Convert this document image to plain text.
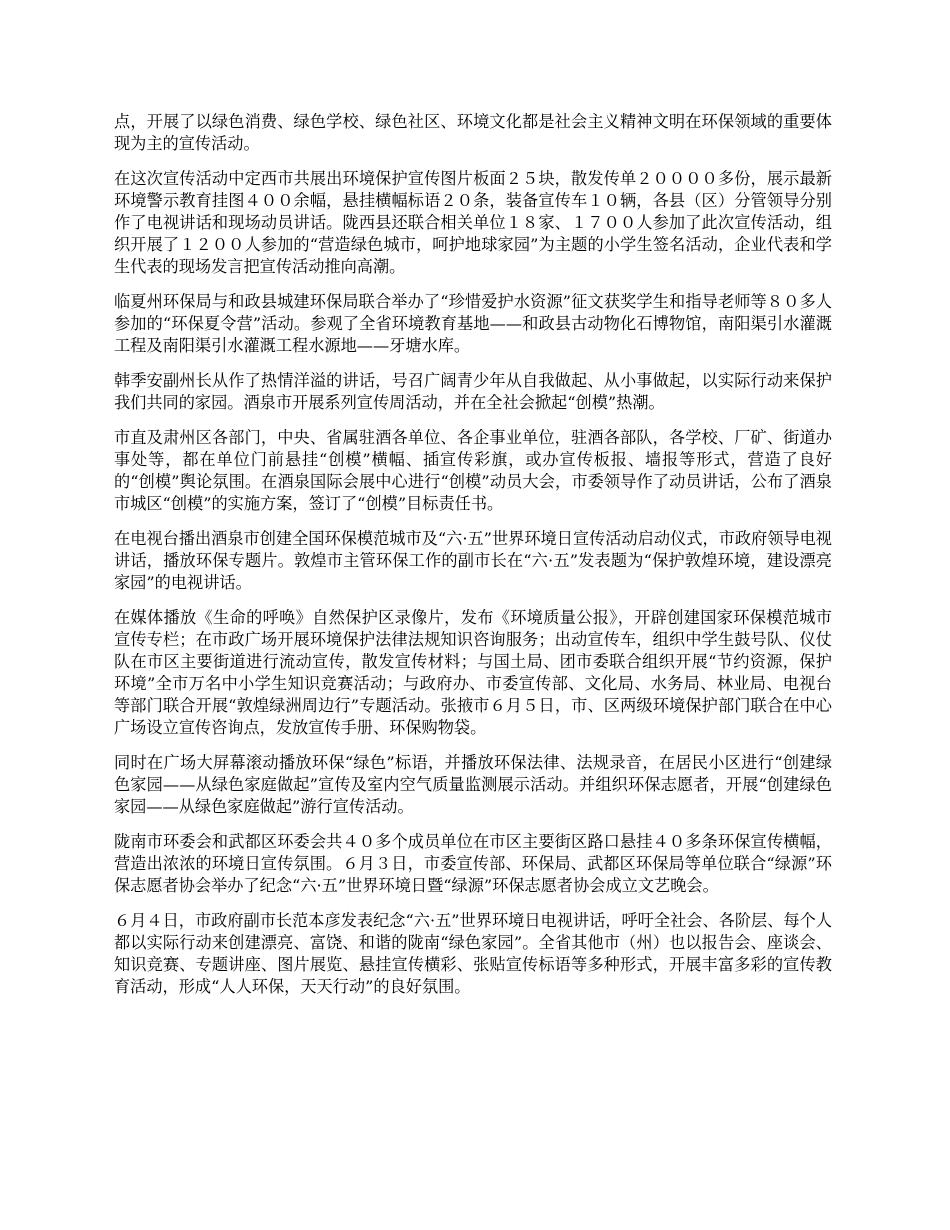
点，开展了以绿色消费、绿色学校、绿色社区、环境文化都是社会主义精神文明在环保领域的重要体现为主的宣传活动。

在这次宣传活动中定西市共展出环境保护宣传图片板面２５块，散发传单２００００多份，展示最新环境警示教育挂图４００余幅，悬挂横幅标语２０条，装备宣传车１０辆，各县（区）分管领导分别作了电视讲话和现场动员讲话。陇西县还联合相关单位１８家、１７００人参加了此次宣传活动，组织开展了１２００人参加的“营造绿色城市，呵护地球家园”为主题的小学生签名活动，企业代表和学生代表的现场发言把宣传活动推向高潮。

临夏州环保局与和政县城建环保局联合举办了“珍惜爱护水资源”征文获奖学生和指导老师等８０多人参加的“环保夏令营”活动。参观了全省环境教育基地——和政县古动物化石博物馆，南阳渠引水灌溉工程及南阳渠引水灌溉工程水源地——牙塘水库。

韩季安副州长从作了热情洋溢的讲话，号召广阔青少年从自我做起、从小事做起，以实际行动来保护我们共同的家园。酒泉市开展系列宣传周活动，并在全社会掀起“创模”热潮。

市直及肃州区各部门，中央、省属驻酒各单位、各企事业单位，驻酒各部队，各学校、厂矿、街道办事处等，都在单位门前悬挂“创模”横幅、插宣传彩旗，或办宣传板报、墙报等形式，营造了良好的“创模”舆论氛围。在酒泉国际会展中心进行“创模”动员大会，市委领导作了动员讲话，公布了酒泉市城区“创模”的实施方案，签订了“创模”目标责任书。

在电视台播出酒泉市创建全国环保模范城市及“六·五”世界环境日宣传活动启动仪式，市政府领导电视讲话，播放环保专题片。敦煌市主管环保工作的副市长在“六·五”发表题为“保护敦煌环境，建设漂亮家园”的电视讲话。

在媒体播放《生命的呼唤》自然保护区录像片，发布《环境质量公报》，开辟创建国家环保模范城市宣传专栏；在市政广场开展环境保护法律法规知识咨询服务；出动宣传车，组织中学生鼓号队、仪仗队在市区主要街道进行流动宣传，散发宣传材料；与国土局、团市委联合组织开展“节约资源，保护环境”全市万名中小学生知识竞赛活动；与政府办、市委宣传部、文化局、水务局、林业局、电视台等部门联合开展“敦煌绿洲周边行”专题活动。张掖市６月５日，市、区两级环境保护部门联合在中心广场设立宣传咨询点，发放宣传手册、环保购物袋。

同时在广场大屏幕滚动播放环保“绿色”标语，并播放环保法律、法规录音，在居民小区进行“创建绿色家园——从绿色家庭做起”宣传及室内空气质量监测展示活动。并组织环保志愿者，开展“创建绿色家园——从绿色家庭做起”游行宣传活动。

陇南市环委会和武都区环委会共４０多个成员单位在市区主要街区路口悬挂４０多条环保宣传横幅，营造出浓浓的环境日宣传氛围。６月３日，市委宣传部、环保局、武都区环保局等单位联合“绿源”环保志愿者协会举办了纪念“六·五”世界环境日暨“绿源”环保志愿者协会成立文艺晚会。

６月４日，市政府副市长范本彦发表纪念“六·五”世界环境日电视讲话，呼吁全社会、各阶层、每个人都以实际行动来创建漂亮、富饶、和谐的陇南“绿色家园”。全省其他市（州）也以报告会、座谈会、知识竞赛、专题讲座、图片展览、悬挂宣传横彩、张贴宣传标语等多种形式，开展丰富多彩的宣传教育活动，形成“人人环保，天天行动”的良好氛围。
